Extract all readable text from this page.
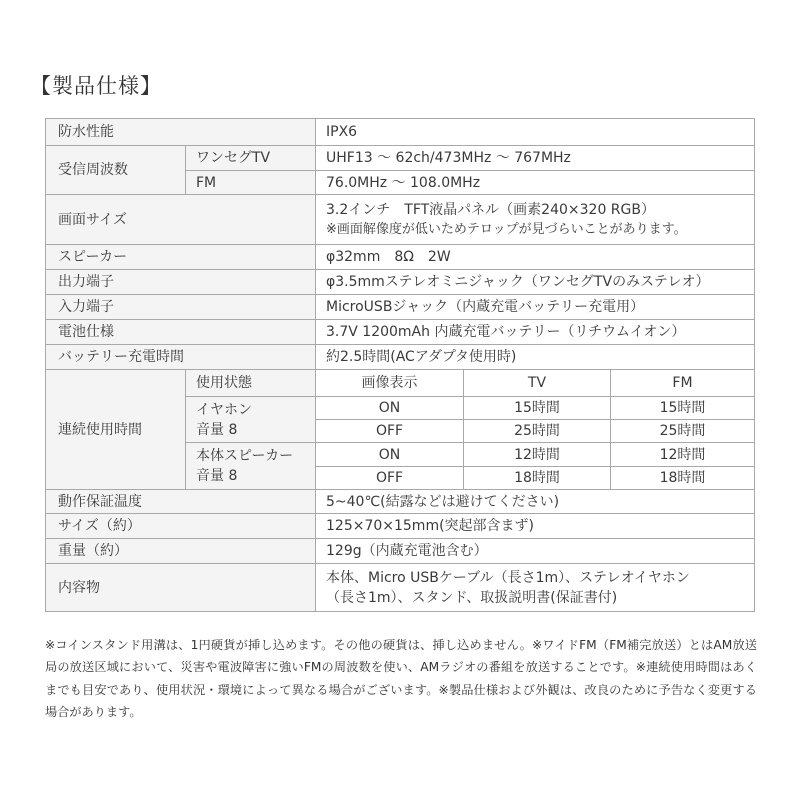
【製品仕様】
防水性能		IPX6		
受信周波数	ワンセグTV	UHF13 ～ 62ch/473MHz ～ 767MHz		
	FM	76.0MHz ～ 108.0MHz		
画面サイズ		3.2インチ　TFT液晶パネル（画素240×320 RGB）
※画面解像度が低いためテロップが見づらいことがあります。		

スピーカー		φ32mm　8Ω　2W		
出力端子		φ3.5mmステレオミニジャック（ワンセグTVのみステレオ）		
入力端子		MicroUSBジャック（内蔵充電バッテリー充電用）		
電池仕様		3.7V 1200mAh 内蔵充電バッテリー（リチウムイオン）		
バッテリー充電時間		約2.5時間(ACアダプタ使用時)		
連続使用時間	使用状態	画像表示	TV	FM

	イヤホン
音量 8	ON	15時間	15時間
		OFF	25時間	25時間

	本体スピーカー
音量 8	ON	12時間	12時間
		OFF	18時間	18時間
動作保証温度		5~40℃(結露などは避けてください)		
サイズ（約）		125×70×15mm(突起部含まず)		
重量（約）		129g（内蔵充電池含む）		
内容物		本体、Micro USBケーブル（長さ1m）、ステレオイヤホン
（長さ1m）、スタンド、取扱説明書(保証書付)		
※コインスタンド用溝は、1円硬貨が挿し込めます。その他の硬貨は、挿し込めません。※ワイドFM（FM補完放送）とはAM放送局の放送区域において、災害や電波障害に強いFMの周波数を使い、AMラジオの番組を放送することです。※連続使用時間はあくまでも目安であり、使用状況・環境によって異なる場合がございます。※製品仕様および外観は、改良のために予告なく変更する場合があります。
